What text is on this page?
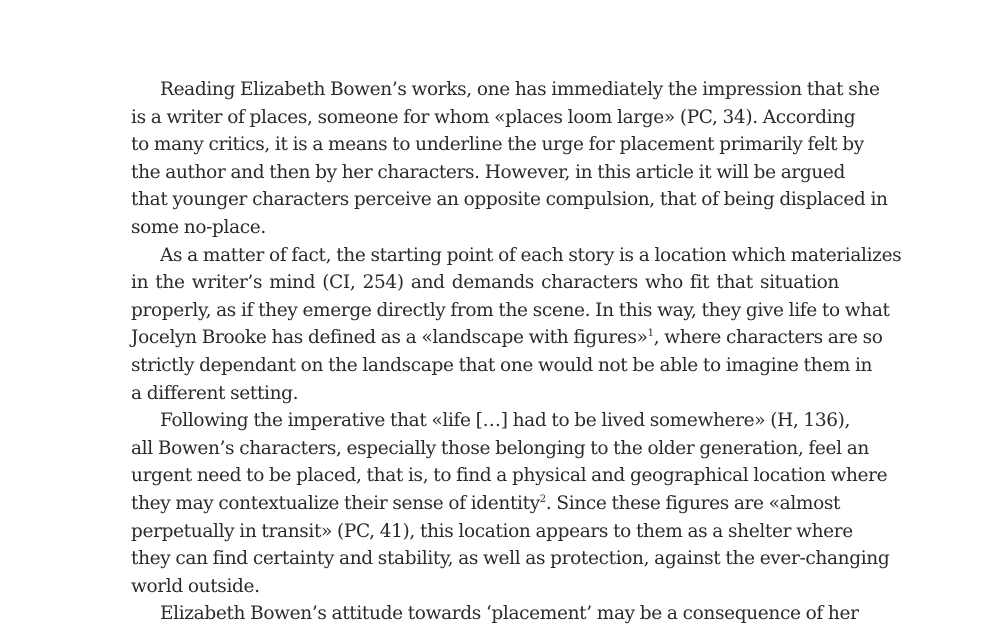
Reading Elizabeth Bowen’s works, one has immediately the impression that she
is a writer of places, someone for whom «places loom large» (PC, 34). According
to many critics, it is a means to underline the urge for placement primarily felt by
the author and then by her characters. However, in this article it will be argued
that younger characters perceive an opposite compulsion, that of being displaced in
some no-place.

As a matter of fact, the starting point of each story is a location which materializes
in the writer’s mind (CI, 254) and demands characters who fit that situation
properly, as if they emerge directly from the scene. In this way, they give life to what
Jocelyn Brooke has defined as a «landscape with figures»$^1$, where characters are so
strictly dependant on the landscape that one would not be able to imagine them in
a different setting.

Following the imperative that «life […] had to be lived somewhere» (H, 136),
all Bowen’s characters, especially those belonging to the older generation, feel an
urgent need to be placed, that is, to find a physical and geographical location where
they may contextualize their sense of identity$^2$. Since these figures are «almost
perpetually in transit» (PC, 41), this location appears to them as a shelter where
they can find certainty and stability, as well as protection, against the ever-changing
world outside.

Elizabeth Bowen’s attitude towards ‘placement’ may be a consequence of her
